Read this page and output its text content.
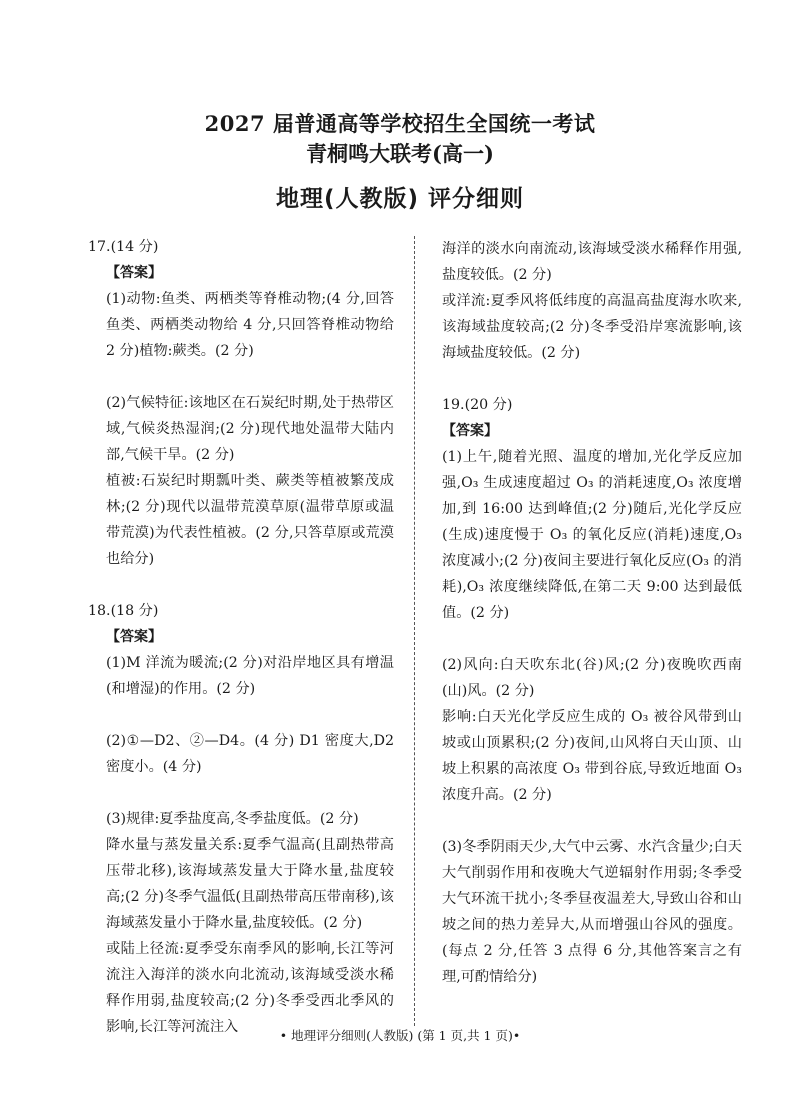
2027 届普通高等学校招生全国统一考试
青桐鸣大联考(高一)
地理(人教版) 评分细则

17.(14 分)

【答案】

(1)动物:鱼类、两栖类等脊椎动物;(4 分,回答鱼类、两栖类动物给 4 分,只回答脊椎动物给 2 分)植物:蕨类。(2 分)

(2)气候特征:该地区在石炭纪时期,处于热带区域,气候炎热湿润;(2 分)现代地处温带大陆内部,气候干旱。(2 分)

植被:石炭纪时期瓢叶类、蕨类等植被繁茂成林;(2 分)现代以温带荒漠草原(温带草原或温带荒漠)为代表性植被。(2 分,只答草原或荒漠也给分)

18.(18 分)

【答案】

(1)M 洋流为暖流;(2 分)对沿岸地区具有增温(和增湿)的作用。(2 分)

(2)①—D2、②—D4。(4 分) D1 密度大,D2 密度小。(4 分)

(3)规律:夏季盐度高,冬季盐度低。(2 分)

降水量与蒸发量关系:夏季气温高(且副热带高压带北移),该海域蒸发量大于降水量,盐度较高;(2 分)冬季气温低(且副热带高压带南移),该海域蒸发量小于降水量,盐度较低。(2 分)

或陆上径流:夏季受东南季风的影响,长江等河流注入海洋的淡水向北流动,该海域受淡水稀释作用弱,盐度较高;(2 分)冬季受西北季风的影响,长江等河流注入

海洋的淡水向南流动,该海域受淡水稀释作用强,盐度较低。(2 分)

或洋流:夏季风将低纬度的高温高盐度海水吹来,该海域盐度较高;(2 分)冬季受沿岸寒流影响,该海域盐度较低。(2 分)

19.(20 分)

【答案】

(1)上午,随着光照、温度的增加,光化学反应加强,O₃ 生成速度超过 O₃ 的消耗速度,O₃ 浓度增加,到 16:00 达到峰值;(2 分)随后,光化学反应(生成)速度慢于 O₃ 的氧化反应(消耗)速度,O₃ 浓度减小;(2 分)夜间主要进行氧化反应(O₃ 的消耗),O₃ 浓度继续降低,在第二天 9:00 达到最低值。(2 分)

(2)风向:白天吹东北(谷)风;(2 分)夜晚吹西南(山)风。(2 分)

影响:白天光化学反应生成的 O₃ 被谷风带到山坡或山顶累积;(2 分)夜间,山风将白天山顶、山坡上积累的高浓度 O₃ 带到谷底,导致近地面 O₃ 浓度升高。(2 分)

(3)冬季阴雨天少,大气中云雾、水汽含量少;白天大气削弱作用和夜晚大气逆辐射作用弱;冬季受大气环流干扰小;冬季昼夜温差大,导致山谷和山坡之间的热力差异大,从而增强山谷风的强度。(每点 2 分,任答 3 点得 6 分,其他答案言之有理,可酌情给分)

• 地理评分细则(人教版) (第 1 页,共 1 页)•
